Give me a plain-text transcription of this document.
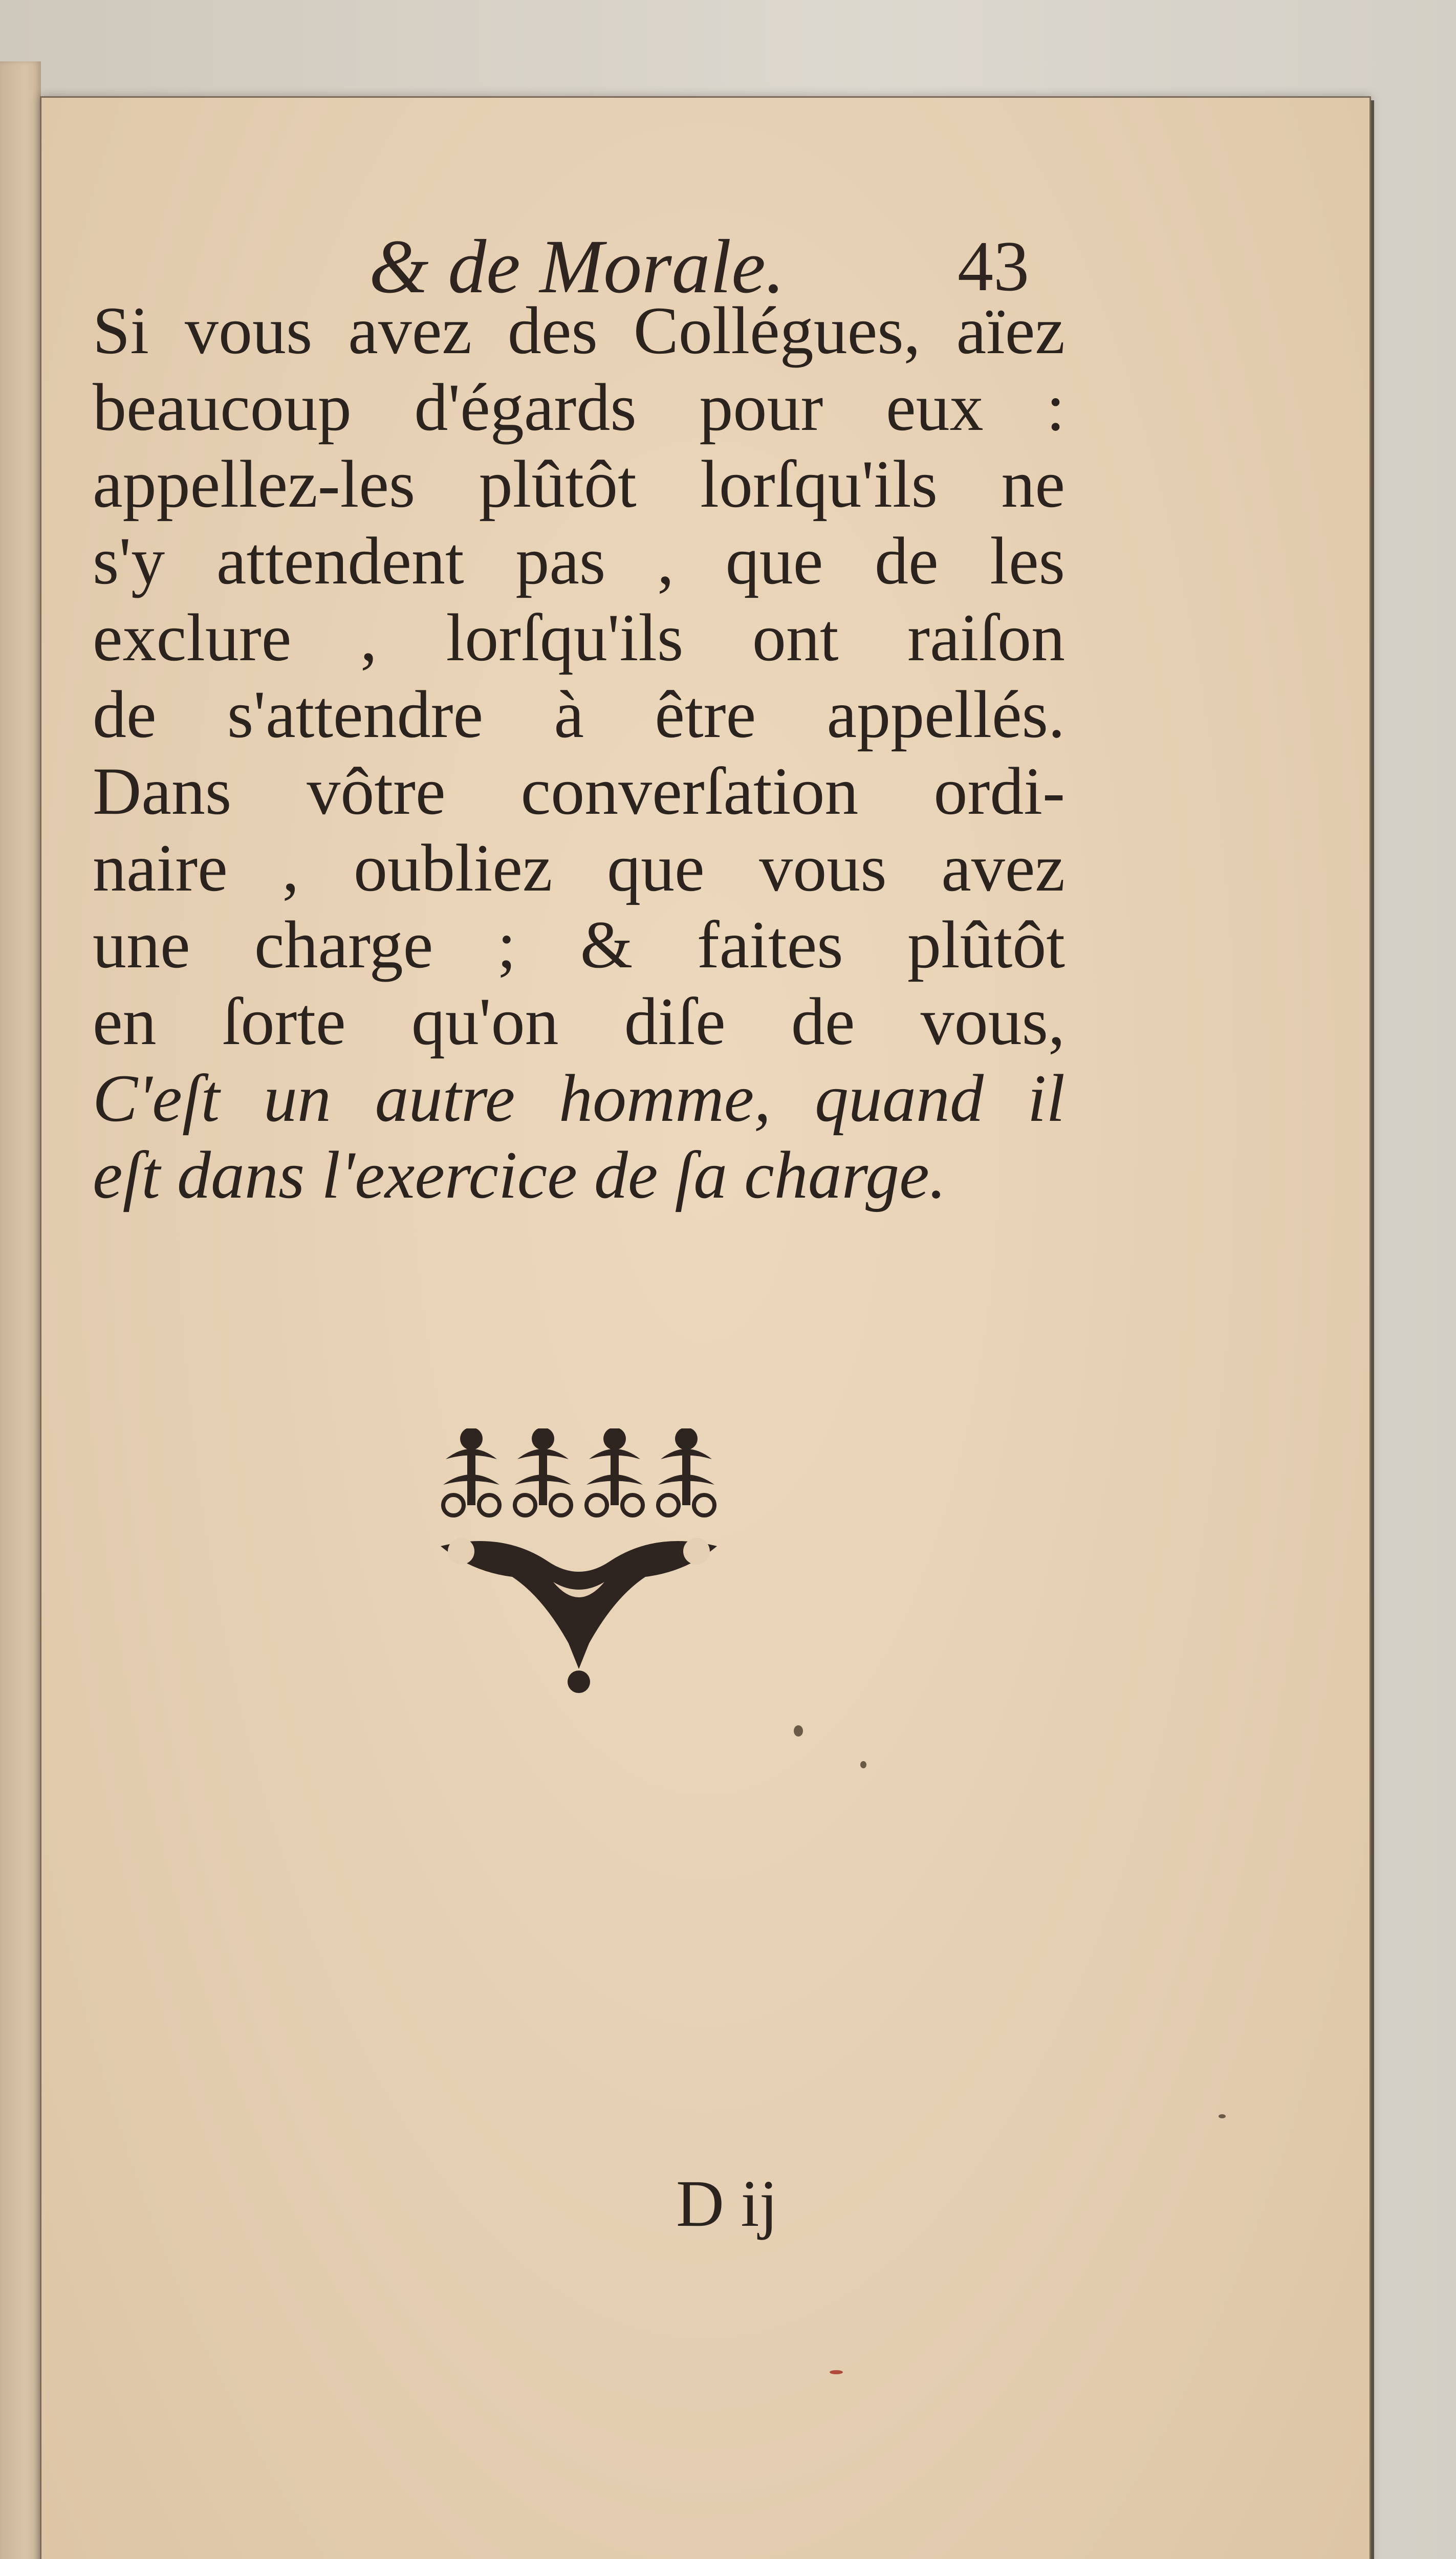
& de Morale. 43
Si vous avez des Collégues, aïez
beaucoup d'égards pour eux :
appellez-les plûtôt lorſqu'ils ne
s'y attendent pas , que de les
exclure , lorſqu'ils ont raiſon
de s'attendre à être appellés.
Dans vôtre converſation ordi-
naire , oubliez que vous avez
une charge ; & faites plûtôt
en ſorte qu'on diſe de vous,
C'eſt un autre homme, quand il
eſt dans l'exercice de ſa charge.
D ij
